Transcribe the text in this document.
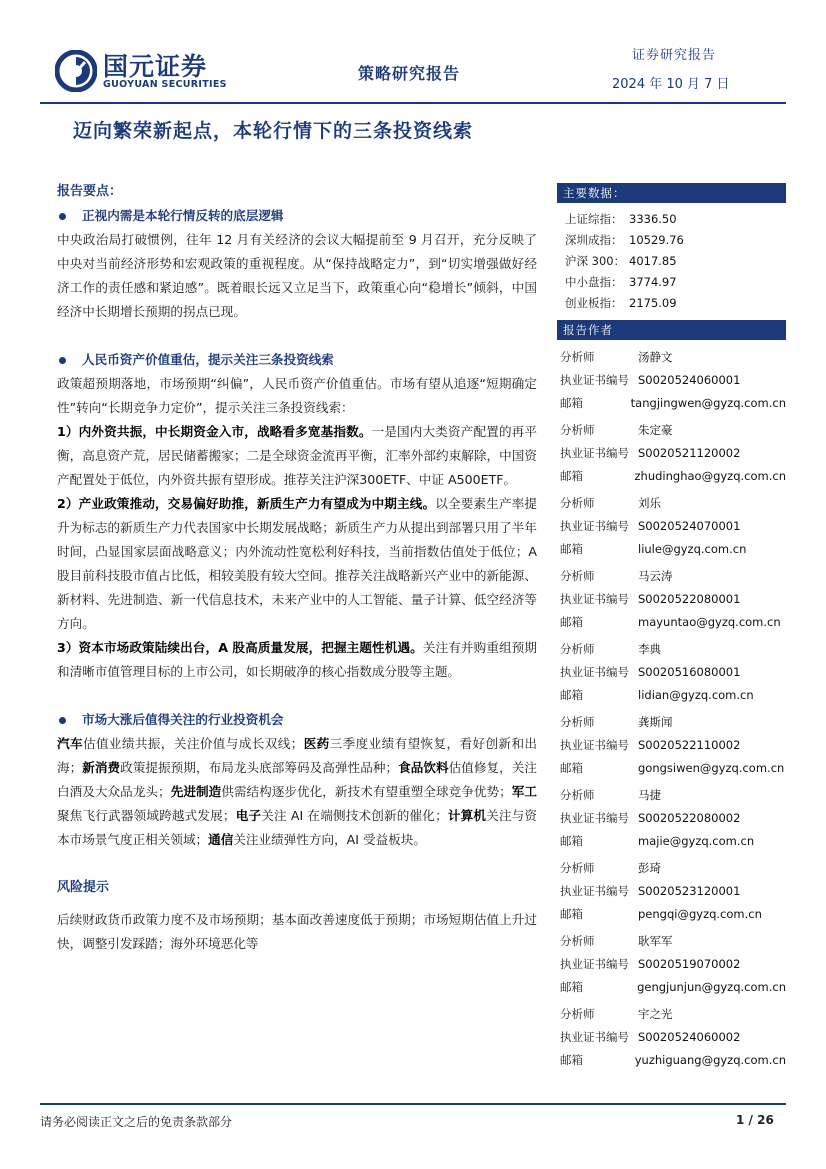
国元证券
GUOYUAN SECURITIES
策略研究报告
证券研究报告
2024 年 10 月 7 日
迈向繁荣新起点，本轮行情下的三条投资线索
报告要点：
正视内需是本轮行情反转的底层逻辑
中央政治局打破惯例，往年 12 月有关经济的会议大幅提前至 9 月召开，充分反映了中央对当前经济形势和宏观政策的重视程度。从“保持战略定力”，到“切实增强做好经济工作的责任感和紧迫感”。既着眼长远又立足当下，政策重心向“稳增长”倾斜，中国经济中长期增长预期的拐点已现。
人民币资产价值重估，提示关注三条投资线索
政策超预期落地，市场预期“纠偏”，人民币资产价值重估。市场有望从追逐“短期确定性”转向“长期竞争力定价”，提示关注三条投资线索：
1）内外资共振，中长期资金入市，战略看多宽基指数。一是国内大类资产配置的再平衡，高息资产荒，居民储蓄搬家；二是全球资金流再平衡，汇率外部约束解除，中国资产配置处于低位，内外资共振有望形成。推荐关注沪深300ETF、中证 A500ETF。
2）产业政策推动，交易偏好助推，新质生产力有望成为中期主线。以全要素生产率提升为标志的新质生产力代表国家中长期发展战略；新质生产力从提出到部署只用了半年时间，凸显国家层面战略意义；内外流动性宽松利好科技，当前指数估值处于低位；A 股目前科技股市值占比低，相较美股有较大空间。推荐关注战略新兴产业中的新能源、新材料、先进制造、新一代信息技术，未来产业中的人工智能、量子计算、低空经济等方向。
3）资本市场政策陆续出台，A 股高质量发展，把握主题性机遇。关注有并购重组预期和清晰市值管理目标的上市公司，如长期破净的核心指数成分股等主题。
市场大涨后值得关注的行业投资机会
汽车估值业绩共振，关注价值与成长双线；医药三季度业绩有望恢复，看好创新和出海；新消费政策提振预期，布局龙头底部筹码及高弹性品种；食品饮料估值修复，关注白酒及大众品龙头；先进制造供需结构逐步优化，新技术有望重塑全球竞争优势；军工聚焦飞行武器领域跨越式发展；电子关注 AI 在端侧技术创新的催化；计算机关注与资本市场景气度正相关领域；通信关注业绩弹性方向，AI 受益板块。
风险提示
后续财政货币政策力度不及市场预期；基本面改善速度低于预期；市场短期估值上升过快，调整引发踩踏；海外环境恶化等
主要数据：
上证综指： 3336.50
深圳成指： 10529.76
沪深 300： 4017.85
中小盘指： 3774.97
创业板指： 2175.09
报告作者
分析师	汤静文
执业证书编号 S0020524060001
邮箱	tangjingwen@gyzq.com.cn
分析师	朱定豪
执业证书编号 S0020521120002
邮箱	zhudinghao@gyzq.com.cn
分析师	刘乐
执业证书编号 S0020524070001
邮箱	liule@gyzq.com.cn
分析师	马云涛
执业证书编号 S0020522080001
邮箱	mayuntao@gyzq.com.cn
分析师	李典
执业证书编号 S0020516080001
邮箱	lidian@gyzq.com.cn
分析师	龚斯闻
执业证书编号 S0020522110002
邮箱	gongsiwen@gyzq.com.cn
分析师	马捷
执业证书编号 S0020522080002
邮箱	majie@gyzq.com.cn
分析师	彭琦
执业证书编号 S0020523120001
邮箱	pengqi@gyzq.com.cn
分析师	耿军军
执业证书编号 S0020519070002
邮箱	gengjunjun@gyzq.com.cn
分析师	宇之光
执业证书编号 S0020524060002
邮箱	yuzhiguang@gyzq.com.cn
请务必阅读正文之后的免责条款部分	1 / 26
